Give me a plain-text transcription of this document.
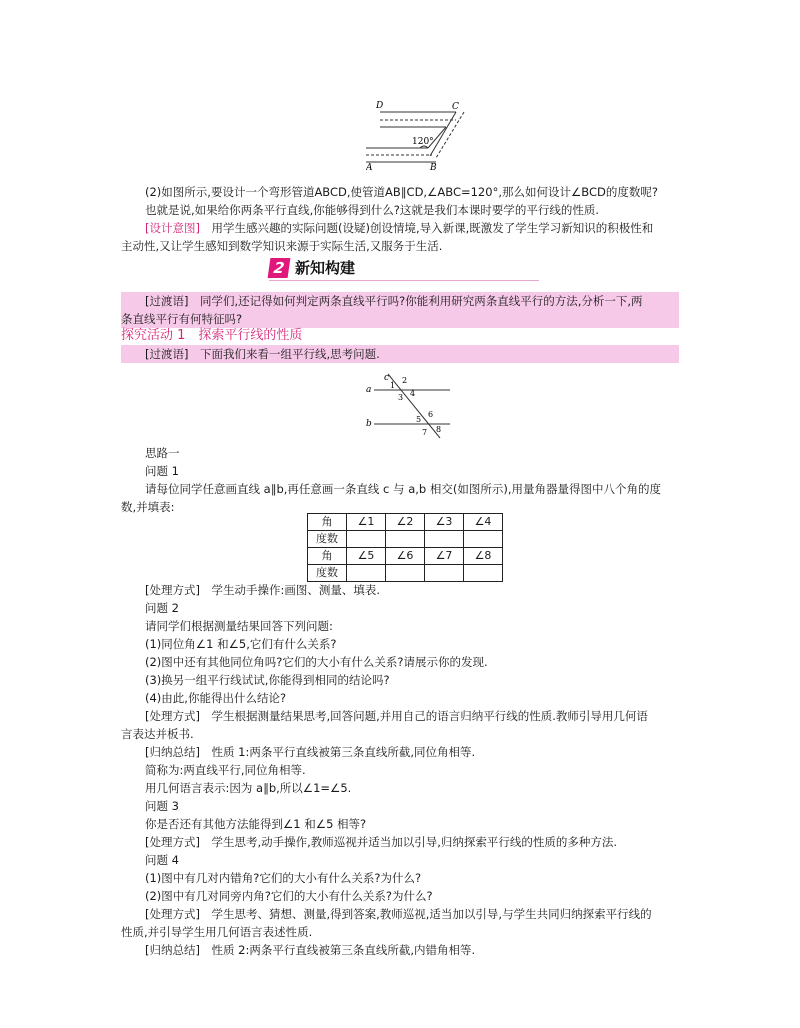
D	C
A	B
120°
(2)如图所示,要设计一个弯形管道ABCD,使管道AB∥CD,∠ABC=120°,那么如何设计∠BCD的度数呢?
也就是说,如果给你两条平行直线,你能够得到什么?这就是我们本课时要学的平行线的性质.
[设计意图]　用学生感兴趣的实际问题(设疑)创设情境,导入新课,既激发了学生学习新知识的积极性和
主动性,又让学生感知到数学知识来源于实际生活,又服务于生活.
2 新知构建
[过渡语]　同学们,还记得如何判定两条直线平行吗?你能利用研究两条直线平行的方法,分析一下,两
条直线平行有何特征吗?
探究活动 1　探索平行线的性质
[过渡语]　下面我们来看一组平行线,思考问题.
思路一
问题 1
请每位同学任意画直线 a∥b,再任意画一条直线 c 与 a,b 相交(如图所示),用量角器量得图中八个角的度
数,并填表:
[处理方式]　学生动手操作:画图、测量、填表.
问题 2
请同学们根据测量结果回答下列问题:
(1)同位角∠1 和∠5,它们有什么关系?
(2)图中还有其他同位角吗?它们的大小有什么关系?请展示你的发现.
(3)换另一组平行线试试,你能得到相同的结论吗?
(4)由此,你能得出什么结论?
[处理方式]　学生根据测量结果思考,回答问题,并用自己的语言归纳平行线的性质.教师引导用几何语
言表达并板书.
[归纳总结]　性质 1:两条平行直线被第三条直线所截,同位角相等.
简称为:两直线平行,同位角相等.
用几何语言表示:因为 a∥b,所以∠1=∠5.
问题 3
你是否还有其他方法能得到∠1 和∠5 相等?
[处理方式]　学生思考,动手操作,教师巡视并适当加以引导,归纳探索平行线的性质的多种方法.
问题 4
(1)图中有几对内错角?它们的大小有什么关系?为什么?
(2)图中有几对同旁内角?它们的大小有什么关系?为什么?
[处理方式]　学生思考、猜想、测量,得到答案,教师巡视,适当加以引导,与学生共同归纳探索平行线的
性质,并引导学生用几何语言表述性质.
[归纳总结]　性质 2:两条平行直线被第三条直线所截,内错角相等.
角	∠1	∠2	∠3	∠4
度数				
角	∠5	∠6	∠7	∠8
度数				
a
b
c
1
2
3 4
5
6
7 8
